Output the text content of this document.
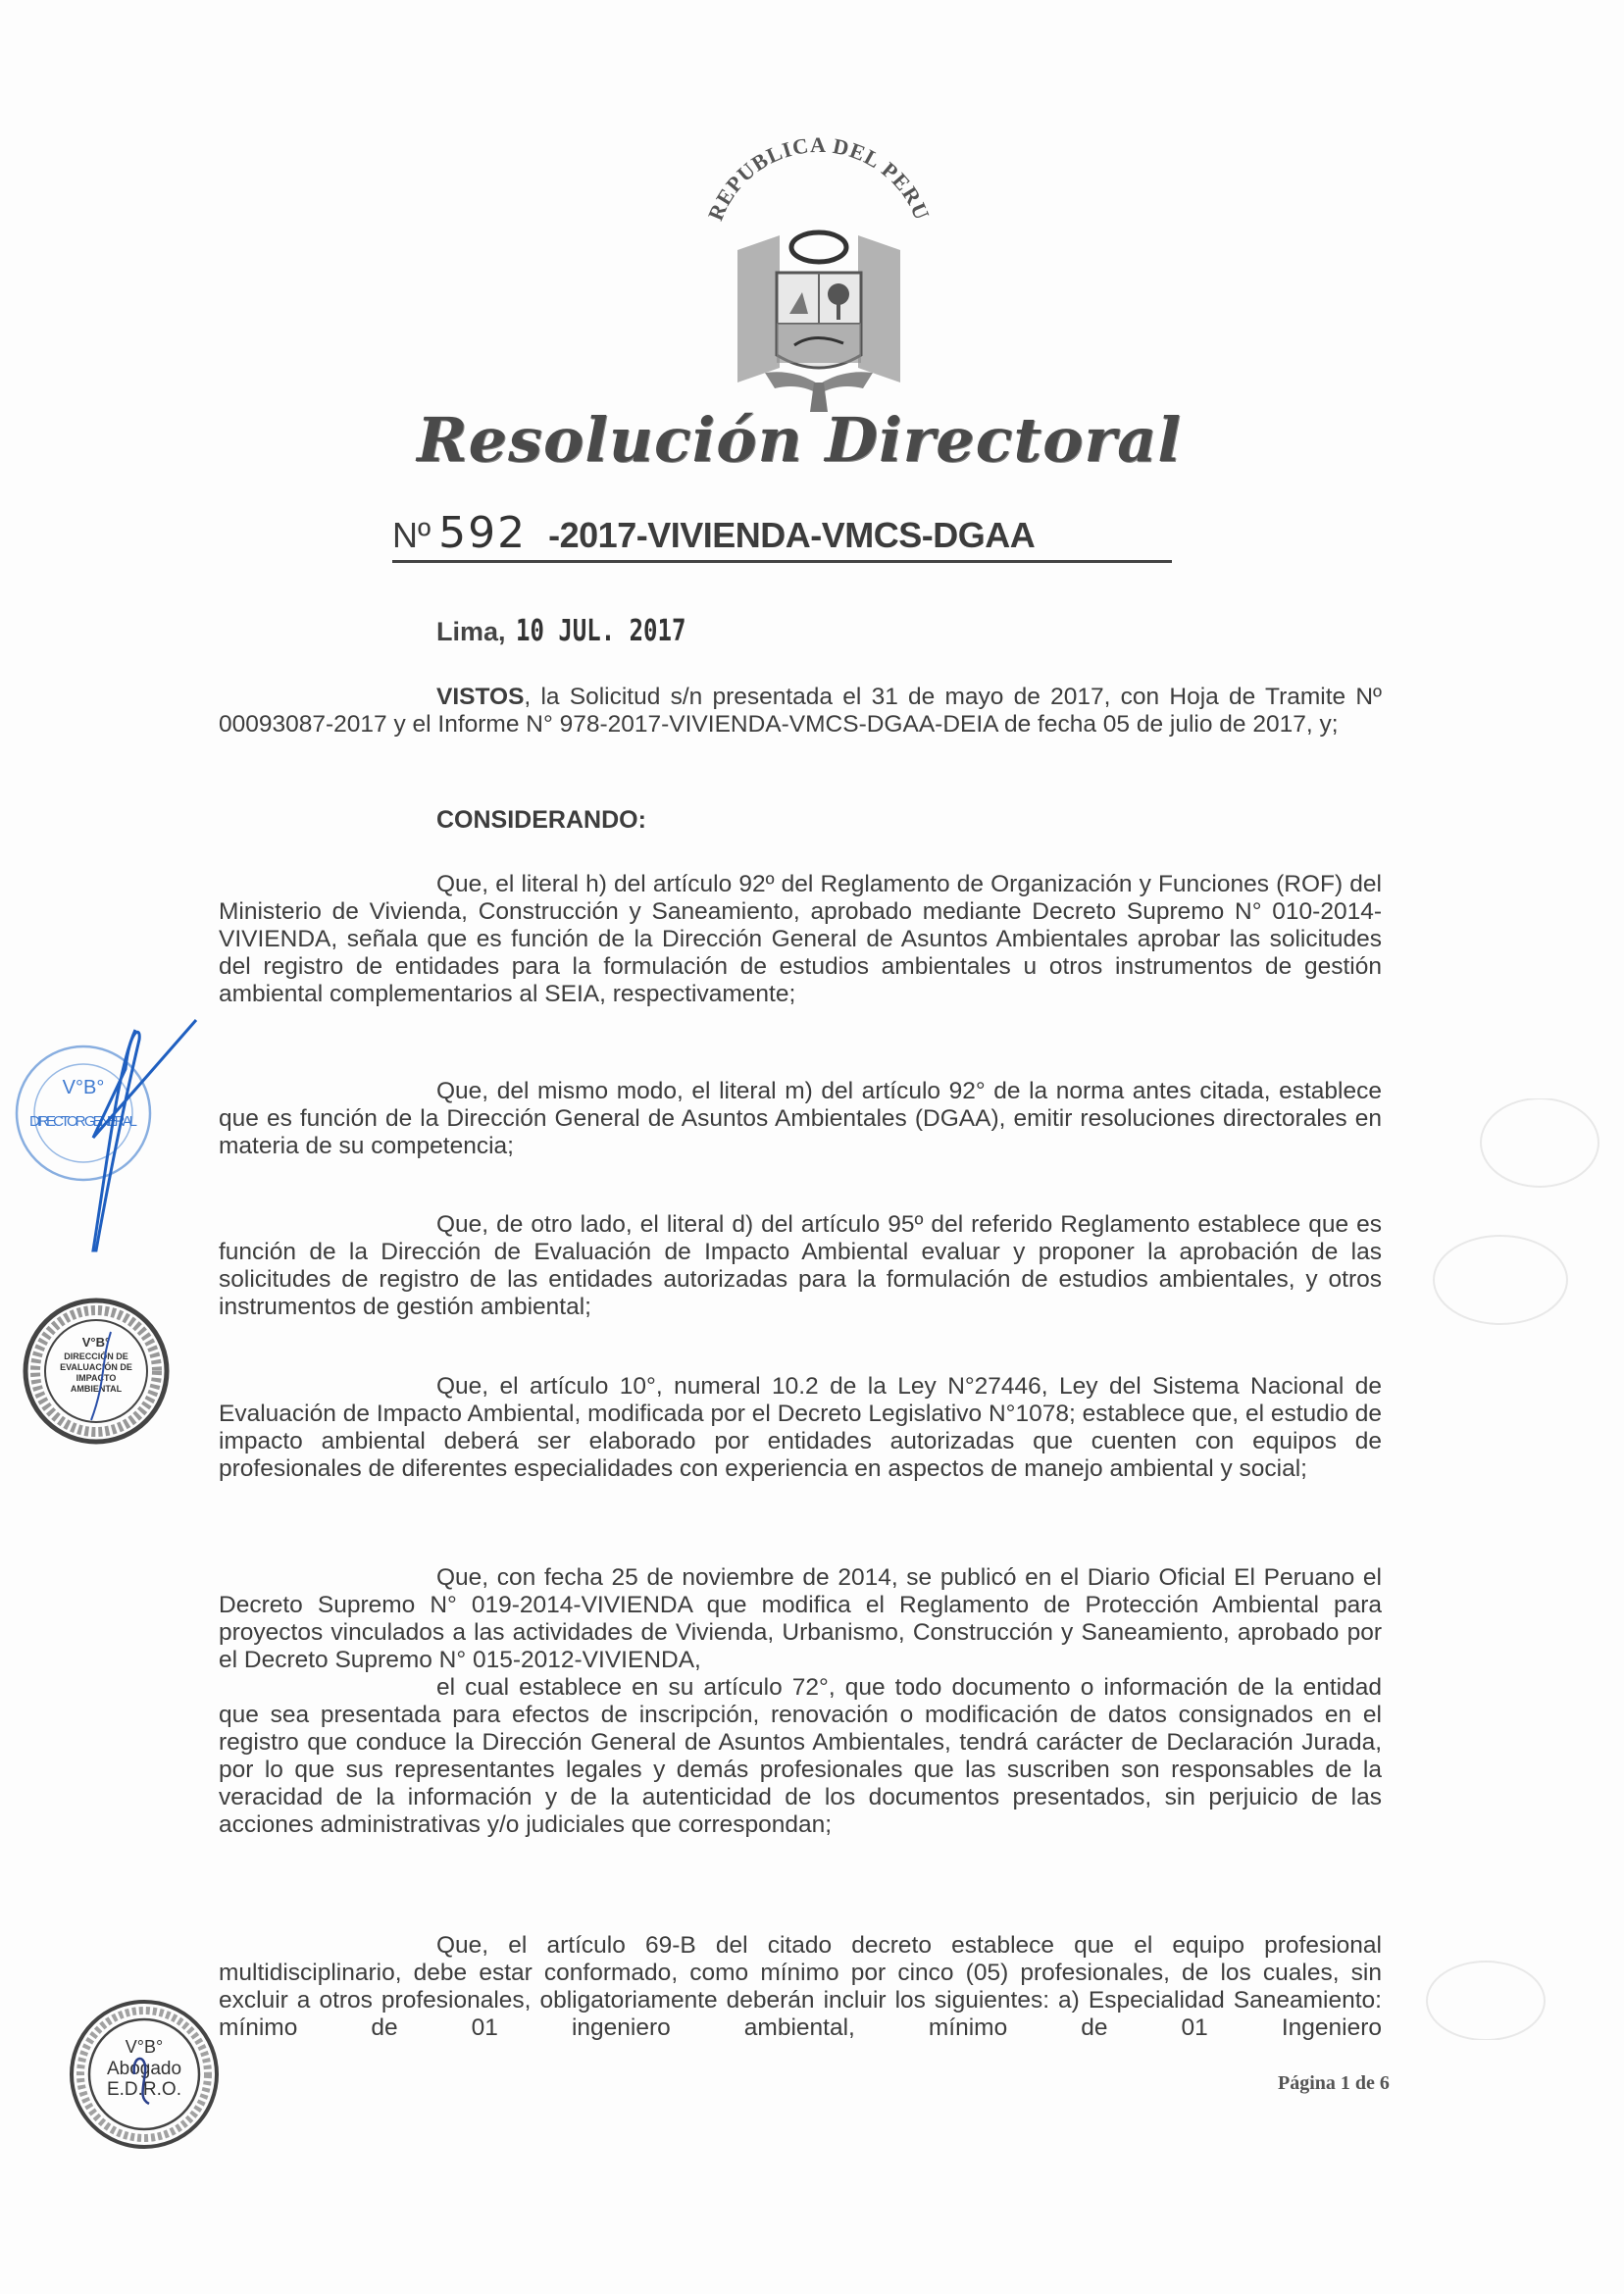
REPUBLICA DEL PERU
Resolución Directoral
Nº 592 -2017-VIVIENDA-VMCS-DGAA
Lima, 10 JUL. 2017
VISTOS, la Solicitud s/n presentada el 31 de mayo de 2017, con Hoja de Tramite Nº 00093087-2017 y el Informe N° 978-2017-VIVIENDA-VMCS-DGAA-DEIA de fecha 05 de julio de 2017, y;
CONSIDERANDO:
Que, el literal h) del artículo 92º del Reglamento de Organización y Funciones (ROF) del Ministerio de Vivienda, Construcción y Saneamiento, aprobado mediante Decreto Supremo N° 010-2014-VIVIENDA, señala que es función de la Dirección General de Asuntos Ambientales aprobar las solicitudes del registro de entidades para la formulación de estudios ambientales u otros instrumentos de gestión ambiental complementarios al SEIA, respectivamente;
Que, del mismo modo, el literal m) del artículo 92° de la norma antes citada, establece que es función de la Dirección General de Asuntos Ambientales (DGAA), emitir resoluciones directorales en materia de su competencia;
Que, de otro lado, el literal d) del artículo 95º del referido Reglamento establece que es función de la Dirección de Evaluación de Impacto Ambiental evaluar y proponer la aprobación de las solicitudes de registro de las entidades autorizadas para la formulación de estudios ambientales, y otros instrumentos de gestión ambiental;
Que, el artículo 10°, numeral 10.2 de la Ley N°27446, Ley del Sistema Nacional de Evaluación de Impacto Ambiental, modificada por el Decreto Legislativo N°1078; establece que, el estudio de impacto ambiental deberá ser elaborado por entidades autorizadas que cuenten con equipos de profesionales de diferentes especialidades con experiencia en aspectos de manejo ambiental y social;
Que, con fecha 25 de noviembre de 2014, se publicó en el Diario Oficial El Peruano el Decreto Supremo N° 019-2014-VIVIENDA que modifica el Reglamento de Protección Ambiental para proyectos vinculados a las actividades de Vivienda, Urbanismo, Construcción y Saneamiento, aprobado por el Decreto Supremo N° 015-2012-VIVIENDA,
el cual establece en su artículo 72°, que todo documento o información de la entidad que sea presentada para efectos de inscripción, renovación o modificación de datos consignados en el registro que conduce la Dirección General de Asuntos Ambientales, tendrá carácter de Declaración Jurada, por lo que sus representantes legales y demás profesionales que las suscriben son responsables de la veracidad de la información y de la autenticidad de los documentos presentados, sin perjuicio de las acciones administrativas y/o judiciales que correspondan;
Que, el artículo 69-B del citado decreto establece que el equipo profesional multidisciplinario, debe estar conformado, como mínimo por cinco (05) profesionales, de los cuales, sin excluir a otros profesionales, obligatoriamente deberán incluir los siguientes: a) Especialidad Saneamiento: mínimo de 01 ingeniero ambiental, mínimo de 01 Ingeniero
Página 1 de 6
V°B°
DIRECTOR GENERAL
V°B°
DIRECCIÓN DE EVALUACIÓN DE IMPACTO AMBIENTAL
V°B°
Abogado E.D.R.O.
